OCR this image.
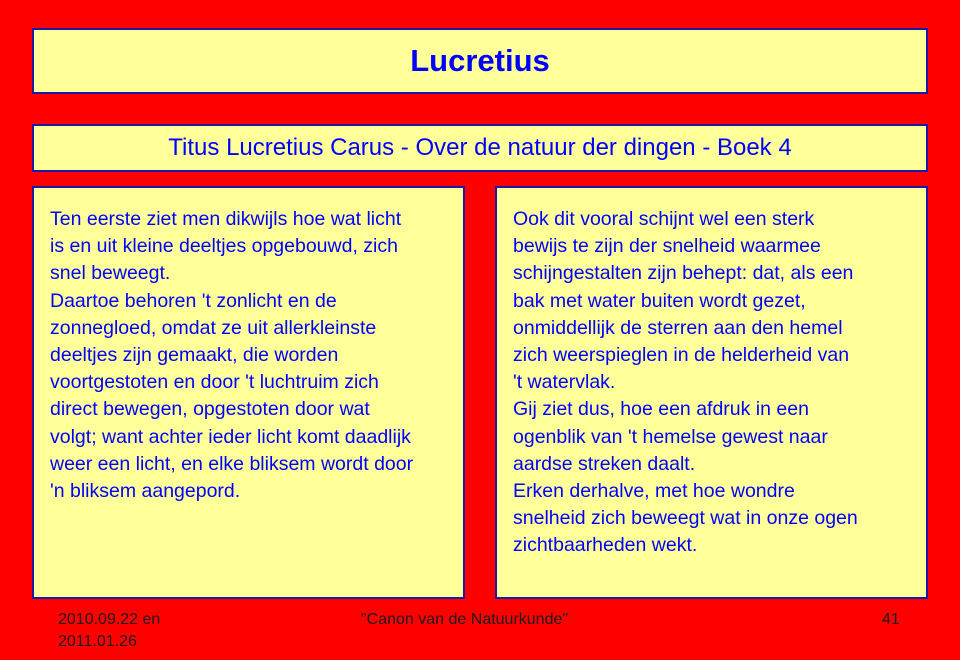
Lucretius
Titus Lucretius Carus - Over de natuur der dingen - Boek 4

Ten eerste ziet men dikwijls hoe wat licht

is en uit kleine deeltjes opgebouwd, zich

snel beweegt.

Daartoe behoren 't zonlicht en de

zonnegloed, omdat ze uit allerkleinste

deeltjes zijn gemaakt, die worden

voortgestoten en door 't luchtruim zich

direct bewegen, opgestoten door wat

volgt; want achter ieder licht komt daadlijk

weer een licht, en elke bliksem wordt door

'n bliksem aangepord.

Ook dit vooral schijnt wel een sterk

bewijs te zijn der snelheid waarmee

schijngestalten zijn behept: dat, als een

bak met water buiten wordt gezet,

onmiddellijk de sterren aan den hemel

zich weerspieglen in de helderheid van

't watervlak.

Gij ziet dus, hoe een afdruk in een

ogenblik van 't hemelse gewest naar

aardse streken daalt.

Erken derhalve, met hoe wondre

snelheid zich beweegt wat in onze ogen

zichtbaarheden wekt.

2010.09.22 en
2011.01.26
"Canon van de Natuurkunde"	41
